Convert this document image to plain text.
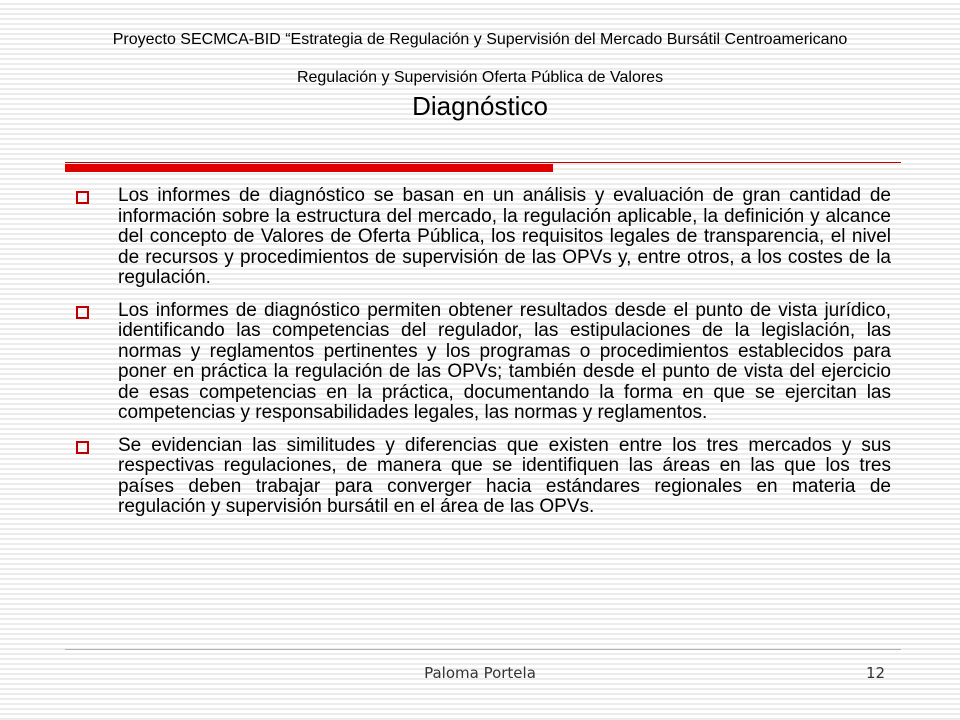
Proyecto SECMCA-BID “Estrategia de Regulación y Supervisión del Mercado Bursátil Centroamericano

Regulación y Supervisión Oferta Pública de Valores

Diagnóstico

Los informes de diagnóstico se basan en un análisis y evaluación de gran cantidad de información sobre la estructura del mercado, la regulación aplicable, la definición y alcance del concepto de Valores de Oferta Pública, los requisitos legales de transparencia, el nivel de recursos y procedimientos de supervisión de las OPVs y, entre otros, a los costes de la regulación.

Los informes de diagnóstico permiten obtener resultados desde el punto de vista jurídico, identificando las competencias del regulador, las estipulaciones de la legislación, las normas y reglamentos pertinentes y los programas o procedimientos establecidos para poner en práctica la regulación de las OPVs; también desde el punto de vista del ejercicio de esas competencias en la práctica, documentando la forma en que se ejercitan las competencias y responsabilidades legales, las normas y reglamentos.

Se evidencian las similitudes y diferencias que existen entre los tres mercados y sus respectivas regulaciones, de manera que se identifiquen las áreas en las que los tres países deben trabajar para converger hacia estándares regionales en materia de regulación y supervisión bursátil en el área de las OPVs.

Paloma Portela	12
